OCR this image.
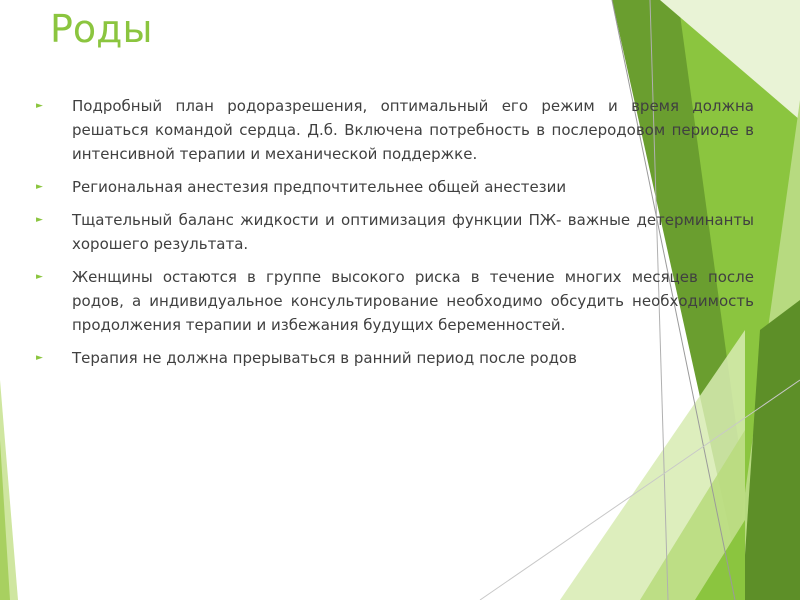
Роды
►	Подробный план родоразрешения, оптимальный его режим и время должна решаться командой сердца. Д.б. Включена потребность в послеродовом периоде в интенсивной терапии и механической поддержке.
►	Региональная анестезия предпочтительнее общей анестезии
►	Тщательный баланс жидкости и оптимизация функции ПЖ- важные детерминанты хорошего результата.
►	Женщины остаются в группе высокого риска в течение многих месяцев после родов, а индивидуальное консультирование необходимо обсудить необходимость продолжения терапии и избежания будущих беременностей.
►	Терапия не должна прерываться в ранний период после родов
